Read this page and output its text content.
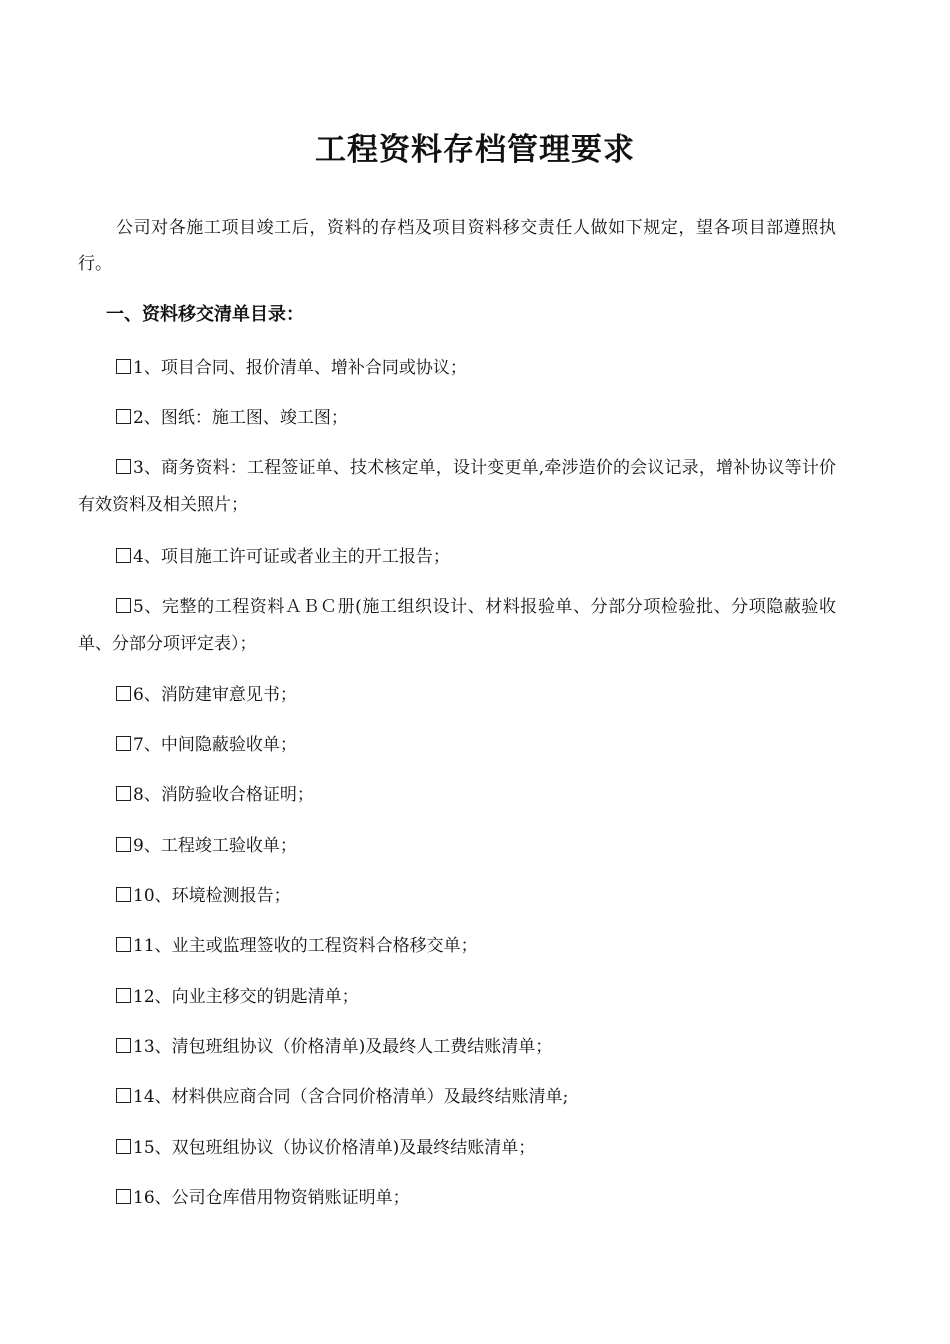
工程资料存档管理要求

公司对各施工项目竣工后，资料的存档及项目资料移交责任人做如下规定，望各项目部遵照执行。

一、资料移交清单目录：

1、项目合同、报价清单、增补合同或协议；

2、图纸：施工图、竣工图；

3、商务资料：工程签证单、技术核定单，设计变更单,牵涉造价的会议记录，增补协议等计价有效资料及相关照片；

4、项目施工许可证或者业主的开工报告；

5、完整的工程资料ＡＢＣ册(施工组织设计、材料报验单、分部分项检验批、分项隐蔽验收单、分部分项评定表）；

6、消防建审意见书；

7、中间隐蔽验收单；

8、消防验收合格证明；

9、工程竣工验收单；

10、环境检测报告；

11、业主或监理签收的工程资料合格移交单；

12、向业主移交的钥匙清单；

13、清包班组协议（价格清单)及最终人工费结账清单；

14、材料供应商合同（含合同价格清单）及最终结账清单;

15、双包班组协议（协议价格清单)及最终结账清单；

16、公司仓库借用物资销账证明单；
